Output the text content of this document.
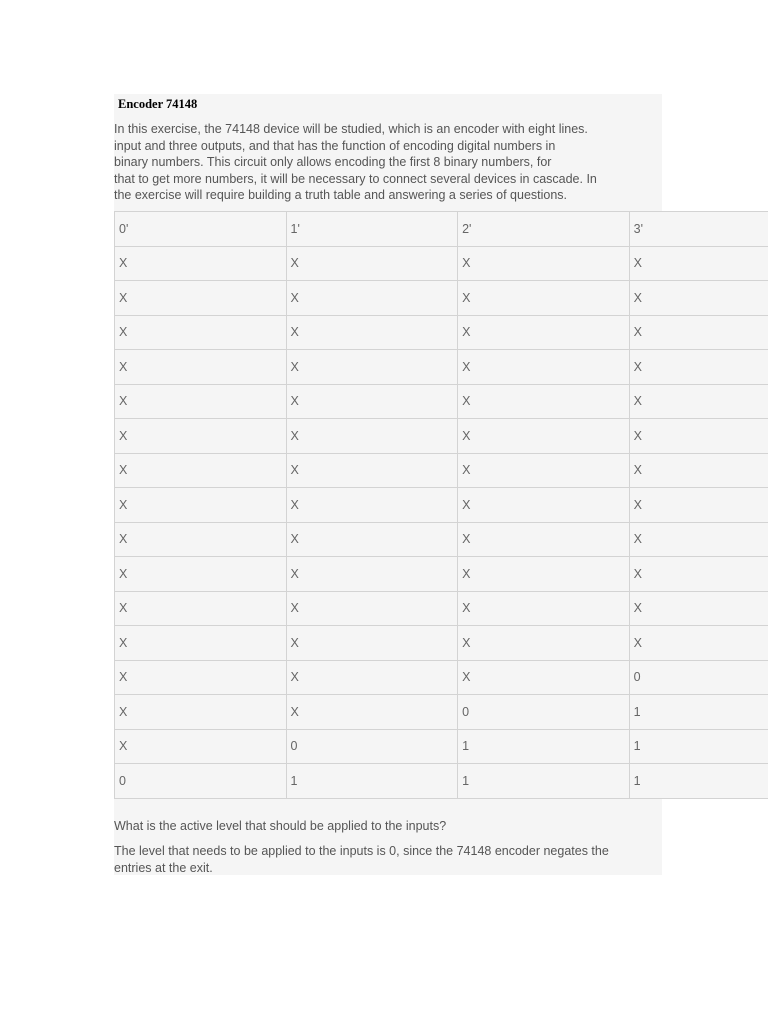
Encoder 74148
In this exercise, the 74148 device will be studied, which is an encoder with eight lines.
input and three outputs, and that has the function of encoding digital numbers in
binary numbers. This circuit only allows encoding the first 8 binary numbers, for
that to get more numbers, it will be necessary to connect several devices in cascade. In
the exercise will require building a truth table and answering a series of questions.
0'	1'	2'	3'
X	X	X	X
X	X	X	X
X	X	X	X
X	X	X	X
X	X	X	X
X	X	X	X
X	X	X	X
X	X	X	X
X	X	X	X
X	X	X	X
X	X	X	X
X	X	X	X
X	X	X	0
X	X	0	1
X	0	1	1
0	1	1	1
What is the active level that should be applied to the inputs?
The level that needs to be applied to the inputs is 0, since the 74148 encoder negates the
entries at the exit.
